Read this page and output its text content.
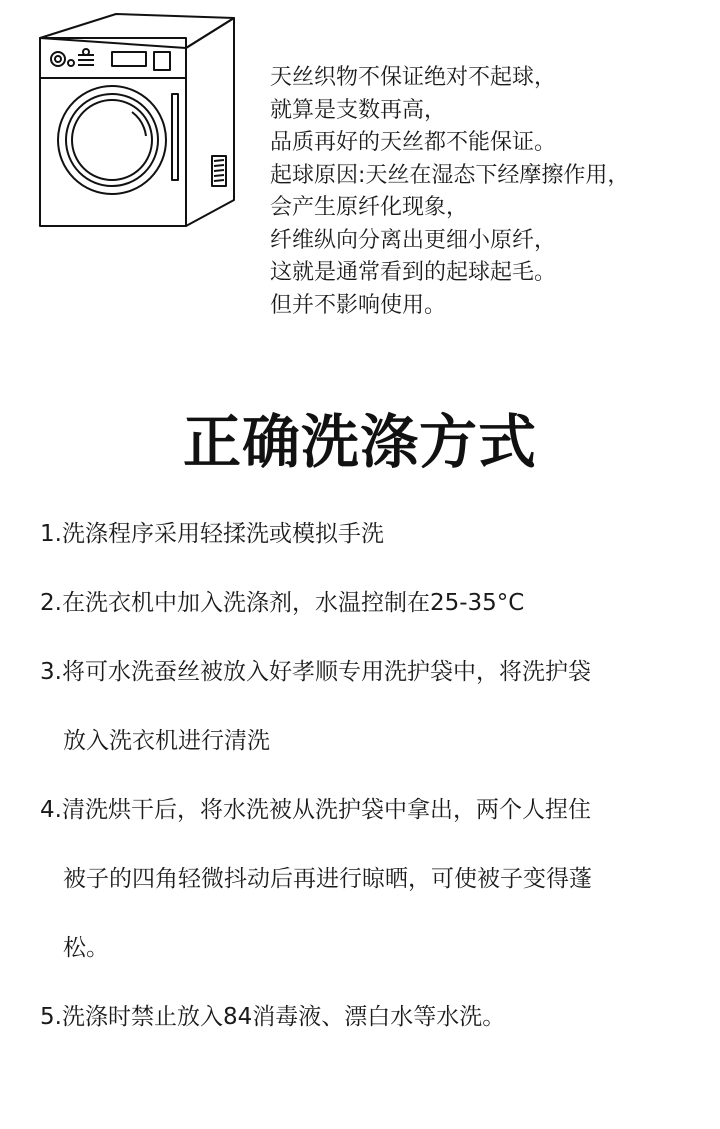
天丝织物不保证绝对不起球，
就算是支数再高，
品质再好的天丝都不能保证。
起球原因:天丝在湿态下经摩擦作用，
会产生原纤化现象，
纤维纵向分离出更细小原纤，
这就是通常看到的起球起毛。
但并不影响使用。
正确洗涤方式
1.洗涤程序采用轻揉洗或模拟手洗
2.在洗衣机中加入洗涤剂，水温控制在25-35°C
3.将可水洗蚕丝被放入好孝顺专用洗护袋中，将洗护袋
放入洗衣机进行清洗
4.清洗烘干后，将水洗被从洗护袋中拿出，两个人捏住
被子的四角轻微抖动后再进行晾晒，可使被子变得蓬
松。
5.洗涤时禁止放入84消毒液、漂白水等水洗。
